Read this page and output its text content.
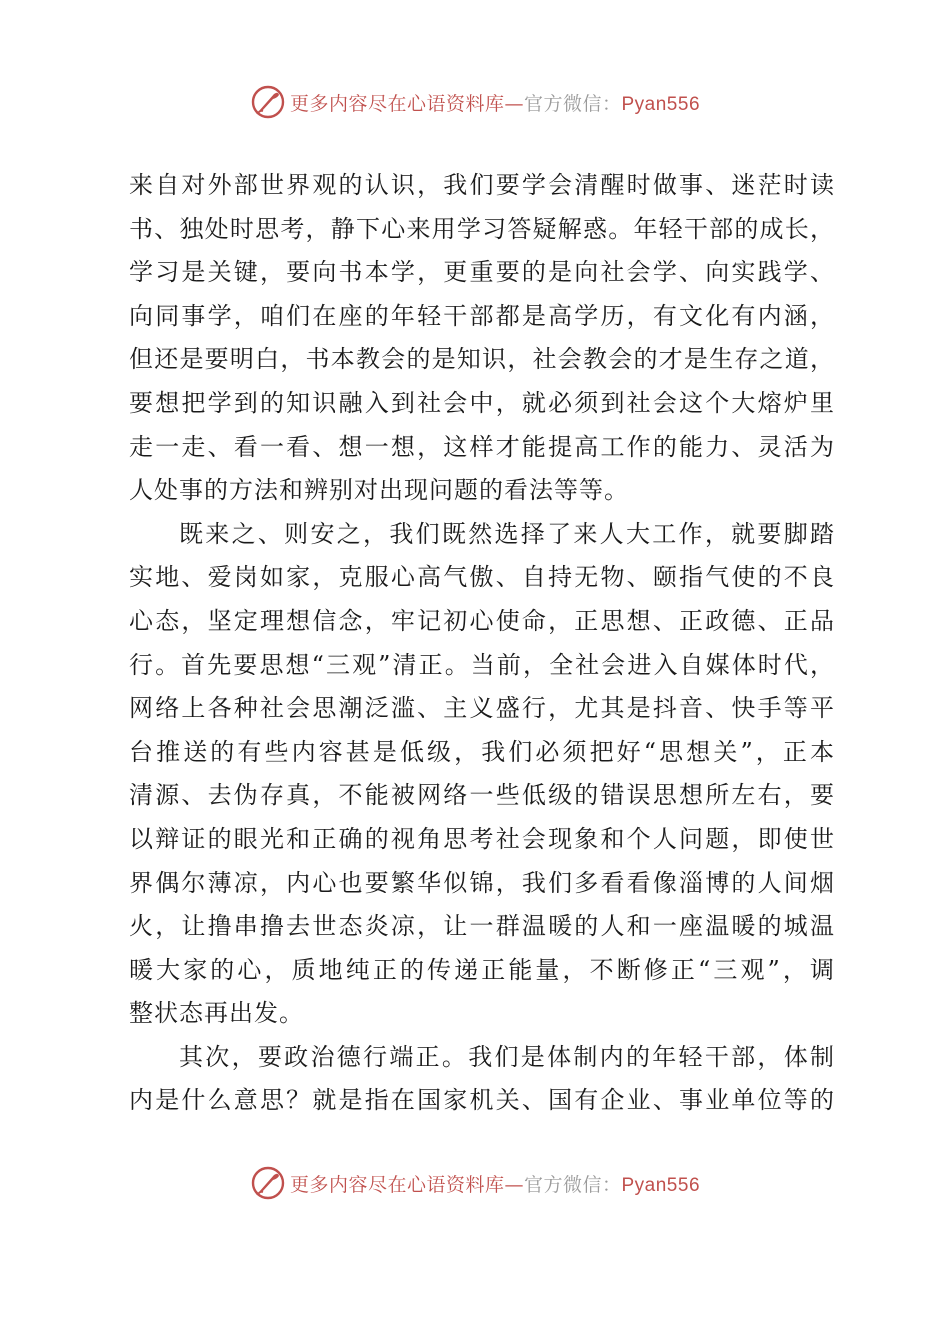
更多内容尽在心语资料库—官方微信：Pyan556
来自对外部世界观的认识，我们要学会清醒时做事、迷茫时读
书、独处时思考，静下心来用学习答疑解惑。年轻干部的成长，
学习是关键，要向书本学，更重要的是向社会学、向实践学、
向同事学，咱们在座的年轻干部都是高学历，有文化有内涵，
但还是要明白，书本教会的是知识，社会教会的才是生存之道，
要想把学到的知识融入到社会中，就必须到社会这个大熔炉里
走一走、看一看、想一想，这样才能提高工作的能力、灵活为
人处事的方法和辨别对出现问题的看法等等。
既来之、则安之，我们既然选择了来人大工作，就要脚踏
实地、爱岗如家，克服心高气傲、自持无物、颐指气使的不良
心态，坚定理想信念，牢记初心使命，正思想、正政德、正品
行。首先要思想“三观”清正。当前，全社会进入自媒体时代，
网络上各种社会思潮泛滥、主义盛行，尤其是抖音、快手等平
台推送的有些内容甚是低级，我们必须把好“思想关”，正本
清源、去伪存真，不能被网络一些低级的错误思想所左右，要
以辩证的眼光和正确的视角思考社会现象和个人问题，即使世
界偶尔薄凉，内心也要繁华似锦，我们多看看像淄博的人间烟
火，让撸串撸去世态炎凉，让一群温暖的人和一座温暖的城温
暖大家的心，质地纯正的传递正能量，不断修正“三观”，调
整状态再出发。
其次，要政治德行端正。我们是体制内的年轻干部，体制
内是什么意思？就是指在国家机关、国有企业、事业单位等的
更多内容尽在心语资料库—官方微信：Pyan556
